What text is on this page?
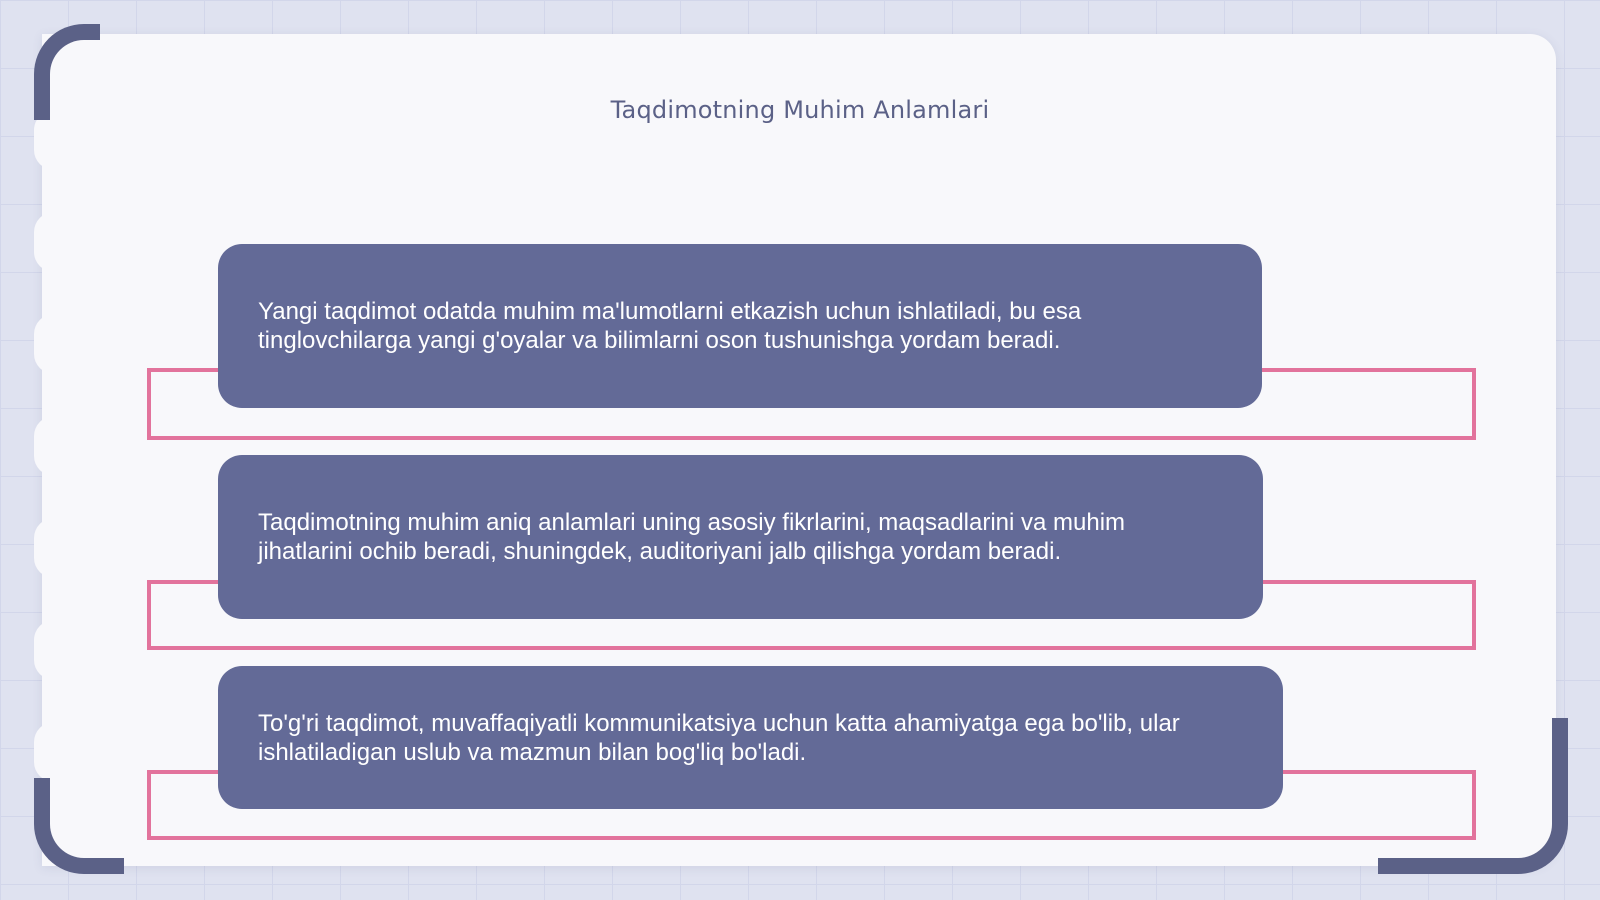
Taqdimotning Muhim Anlamlari
Yangi taqdimot odatda muhim ma'lumotlarni etkazish uchun ishlatiladi, bu esa tinglovchilarga yangi g'oyalar va bilimlarni oson tushunishga yordam beradi.
Taqdimotning muhim aniq anlamlari uning asosiy fikrlarini, maqsadlarini va muhim jihatlarini ochib beradi, shuningdek, auditoriyani jalb qilishga yordam beradi.
To'g'ri taqdimot, muvaffaqiyatli kommunikatsiya uchun katta ahamiyatga ega bo'lib, ular ishlatiladigan uslub va mazmun bilan bog'liq bo'ladi.
